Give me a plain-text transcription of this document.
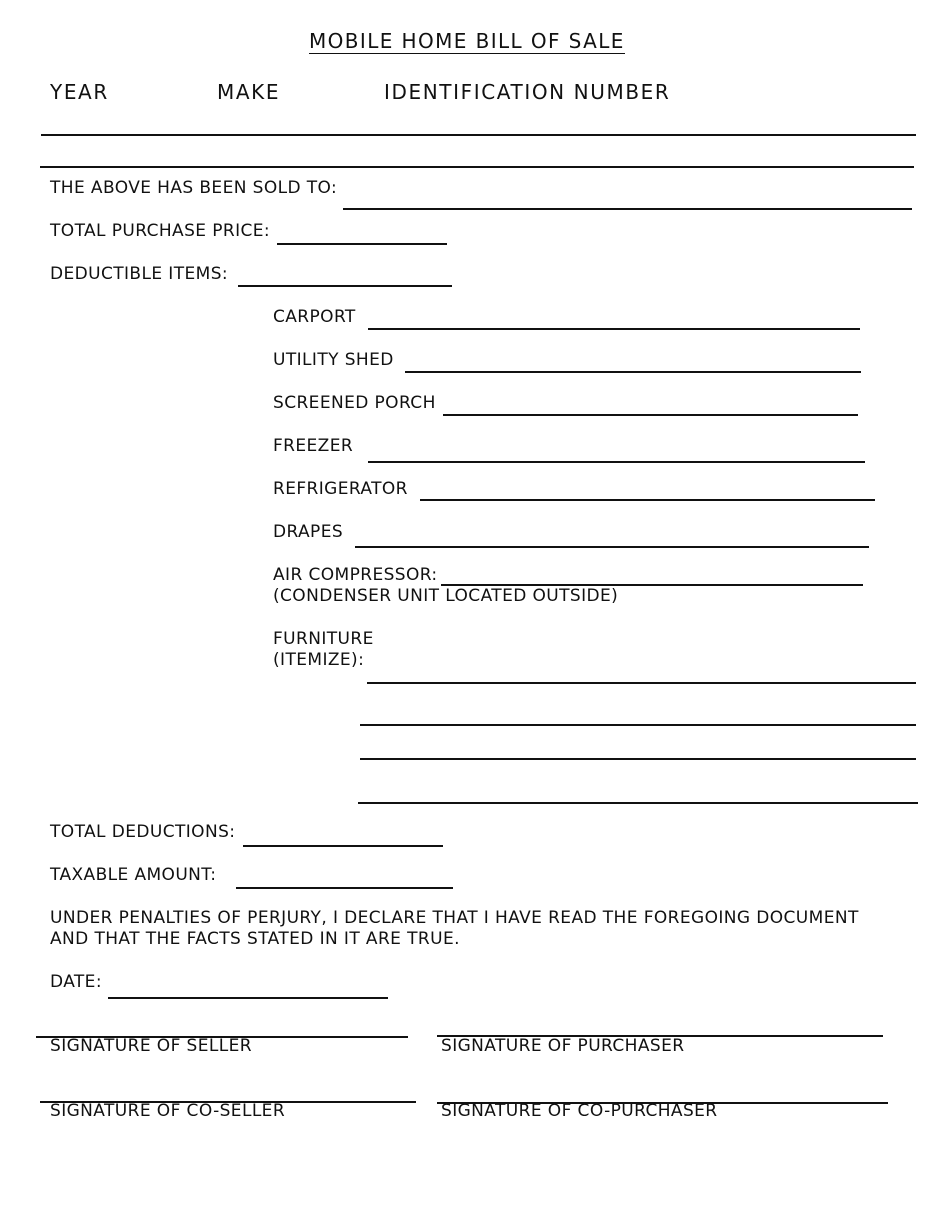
MOBILE HOME BILL OF SALE
YEAR	MAKE	IDENTIFICATION NUMBER
THE ABOVE HAS BEEN SOLD TO:
TOTAL PURCHASE PRICE:
DEDUCTIBLE ITEMS:
CARPORT
UTILITY SHED
SCREENED PORCH
FREEZER
REFRIGERATOR
DRAPES
AIR COMPRESSOR:
(CONDENSER UNIT LOCATED OUTSIDE)
FURNITURE
(ITEMIZE):
TOTAL DEDUCTIONS:
TAXABLE AMOUNT:
UNDER PENALTIES OF PERJURY, I DECLARE THAT I HAVE READ THE FOREGOING DOCUMENT
AND THAT THE FACTS STATED IN IT ARE TRUE.
DATE:
SIGNATURE OF SELLER	SIGNATURE OF PURCHASER
SIGNATURE OF CO-SELLER	SIGNATURE OF CO-PURCHASER
